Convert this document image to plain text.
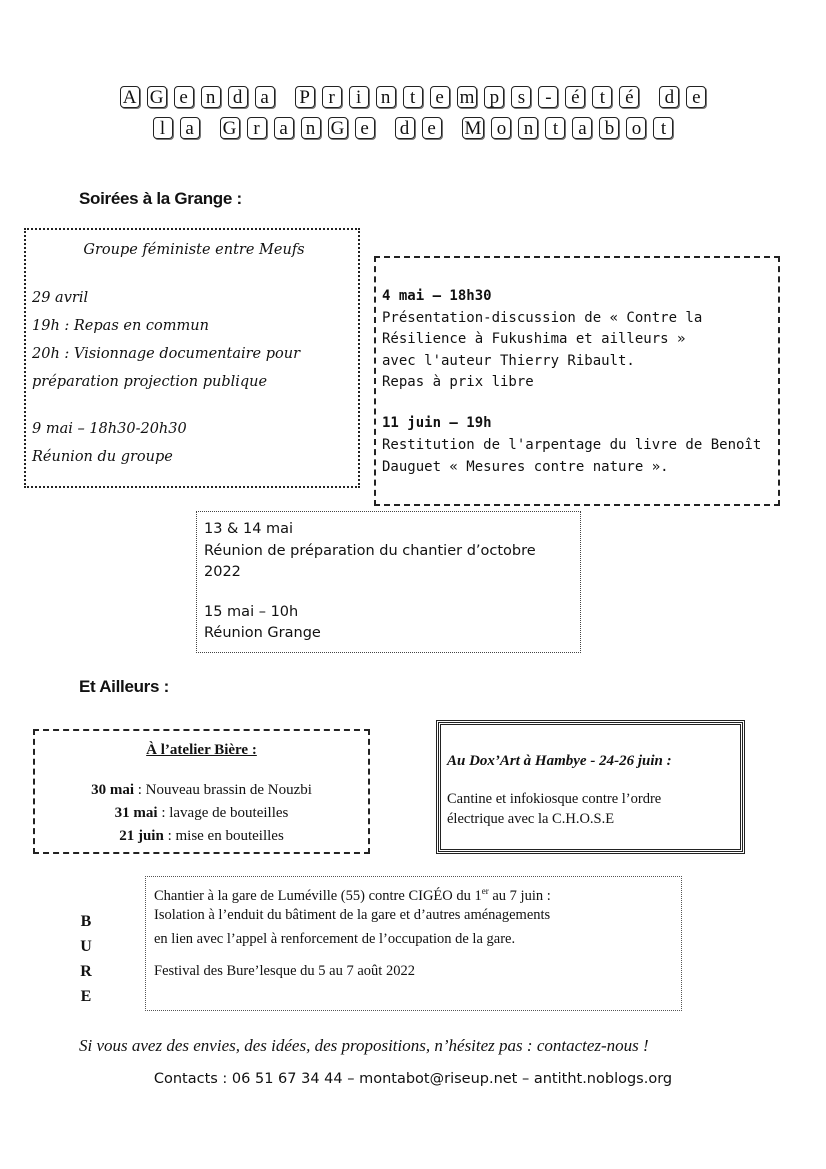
A G e n d a	P r	i	n	t	e m p s	-	é	t	é	d e
l	a	G r	a n G e	d e	M o n	t	a b o	t
Soirées à la Grange :
Groupe féministe entre Meufs
29 avril
19h : Repas en commun
20h : Visionnage documentaire pour
préparation projection publique
9 mai – 18h30-20h30
Réunion du groupe
4 mai – 18h30
Présentation-discussion de « Contre la
Résilience à Fukushima et ailleurs »
avec l'auteur Thierry Ribault.
Repas à prix libre
11 juin – 19h
Restitution de l'arpentage du livre de Benoît
Dauguet « Mesures contre nature ».
13 & 14 mai
Réunion de préparation du chantier d’octobre
2022
15 mai – 10h
Réunion Grange
Et Ailleurs :
À l’atelier Bière :
30 mai : Nouveau brassin de Nouzbi
31 mai : lavage de bouteilles
21 juin : mise en bouteilles
Au Dox’Art à Hambye - 24-26 juin :
Cantine et infokiosque contre l’ordre
électrique avec la C.H.O.S.E
B
U
R
E
Chantier à la gare de Luméville (55) contre CIGÉO du 1er au 7 juin :
Isolation à l’enduit du bâtiment de la gare et d’autres aménagements
en lien avec l’appel à renforcement de l’occupation de la gare.
Festival des Bure’lesque du 5 au 7 août 2022
Si vous avez des envies, des idées, des propositions, n’hésitez pas : contactez-nous !
Contacts : 06 51 67 34 44 – montabot@riseup.net – antitht.noblogs.org
